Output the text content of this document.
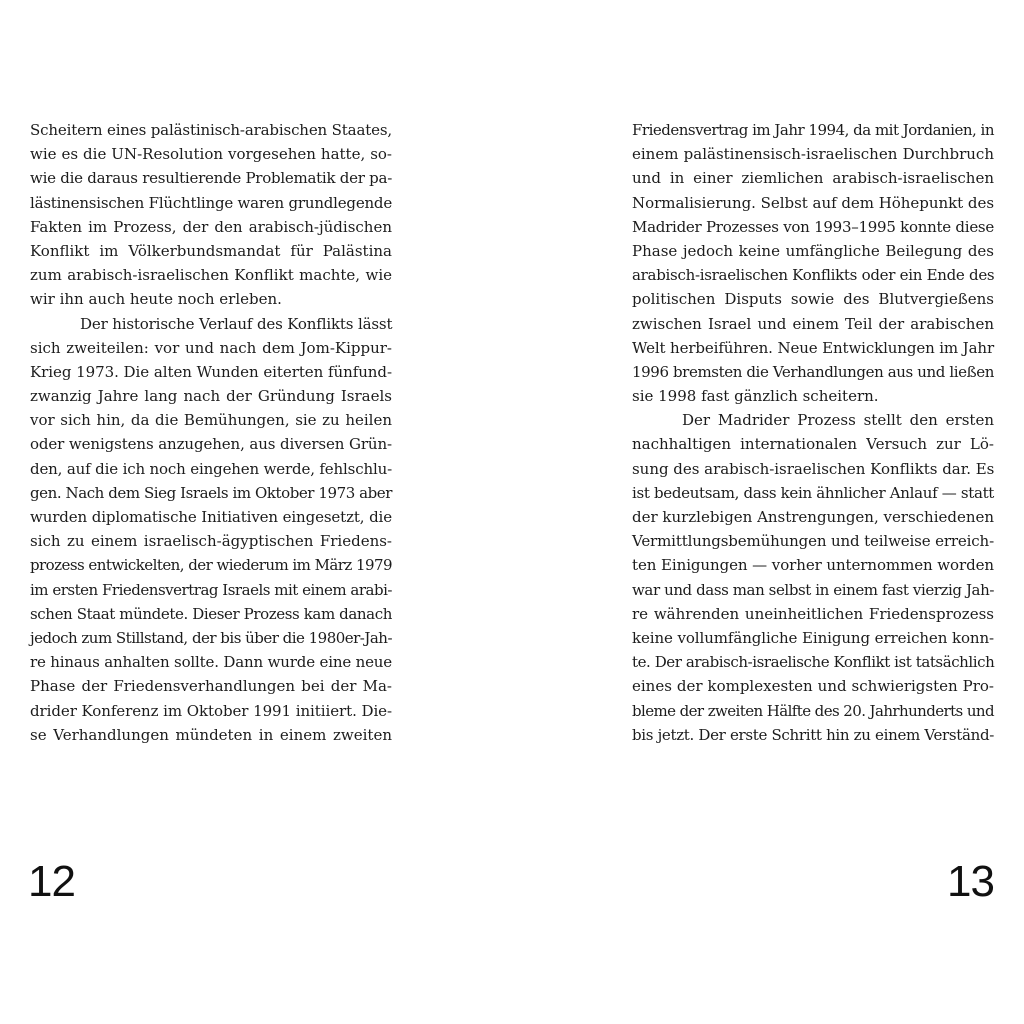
Scheitern eines palästinisch-arabischen Staates,
wie es die UN-Resolution vorgesehen hatte, so-
wie die daraus resultierende Problematik der pa-
lästinensischen Flüchtlinge waren grundlegende
Fakten im Prozess, der den arabisch-jüdischen
Konflikt im Völkerbundsmandat für Palästina
zum arabisch-israelischen Konflikt machte, wie
wir ihn auch heute noch erleben.
Der historische Verlauf des Konflikts lässt
sich zweiteilen: vor und nach dem Jom-Kippur-
Krieg 1973. Die alten Wunden eiterten fünfund-
zwanzig Jahre lang nach der Gründung Israels
vor sich hin, da die Bemühungen, sie zu heilen
oder wenigstens anzugehen, aus diversen Grün-
den, auf die ich noch eingehen werde, fehlschlu-
gen. Nach dem Sieg Israels im Oktober 1973 aber
wurden diplomatische Initiativen eingesetzt, die
sich zu einem israelisch-ägyptischen Friedens-
prozess entwickelten, der wiederum im März 1979
im ersten Friedensvertrag Israels mit einem arabi-
schen Staat mündete. Dieser Prozess kam danach
jedoch zum Stillstand, der bis über die 1980er-Jah-
re hinaus anhalten sollte. Dann wurde eine neue
Phase der Friedensverhandlungen bei der Ma-
drider Konferenz im Oktober 1991 initiiert. Die-
se Verhandlungen mündeten in einem zweiten
12
Friedensvertrag im Jahr 1994, da mit Jordanien, in
einem palästinensisch-israelischen Durchbruch
und in einer ziemlichen arabisch-israelischen
Normalisierung. Selbst auf dem Höhepunkt des
Madrider Prozesses von 1993–1995 konnte diese
Phase jedoch keine umfängliche Beilegung des
arabisch-israelischen Konflikts oder ein Ende des
politischen Disputs sowie des Blutvergießens
zwischen Israel und einem Teil der arabischen
Welt herbeiführen. Neue Entwicklungen im Jahr
1996 bremsten die Verhandlungen aus und ließen
sie 1998 fast gänzlich scheitern.
Der Madrider Prozess stellt den ersten
nachhaltigen internationalen Versuch zur Lö-
sung des arabisch-israelischen Konflikts dar. Es
ist bedeutsam, dass kein ähnlicher Anlauf — statt
der kurzlebigen Anstrengungen, verschiedenen
Vermittlungsbemühungen und teilweise erreich-
ten Einigungen — vorher unternommen worden
war und dass man selbst in einem fast vierzig Jah-
re währenden uneinheitlichen Friedensprozess
keine vollumfängliche Einigung erreichen konn-
te. Der arabisch-israelische Konflikt ist tatsächlich
eines der komplexesten und schwierigsten Pro-
bleme der zweiten Hälfte des 20. Jahrhunderts und
bis jetzt. Der erste Schritt hin zu einem Verständ-
13
